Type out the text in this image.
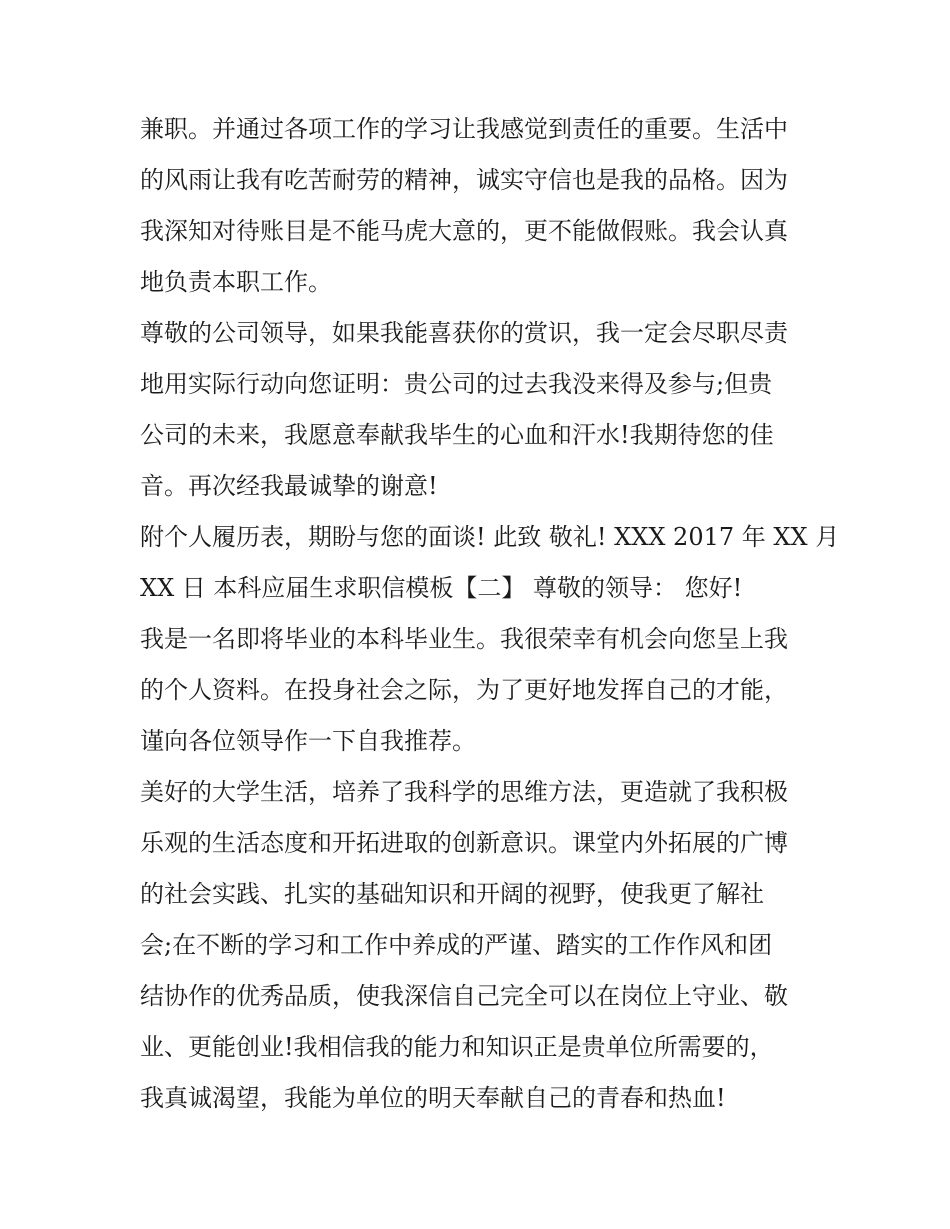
兼职。并通过各项工作的学习让我感觉到责任的重要。生活中
的风雨让我有吃苦耐劳的精神，诚实守信也是我的品格。因为
我深知对待账目是不能马虎大意的，更不能做假账。我会认真
地负责本职工作。
尊敬的公司领导，如果我能喜获你的赏识，我一定会尽职尽责
地用实际行动向您证明：贵公司的过去我没来得及参与;但贵
公司的未来，我愿意奉献我毕生的心血和汗水!我期待您的佳
音。再次经我最诚挚的谢意!
附个人履历表，期盼与您的面谈! 此致 敬礼! XXX 2017 年 XX 月
XX 日 本科应届生求职信模板【二】 尊敬的领导： 您好!
我是一名即将毕业的本科毕业生。我很荣幸有机会向您呈上我
的个人资料。在投身社会之际，为了更好地发挥自己的才能，
谨向各位领导作一下自我推荐。
美好的大学生活，培养了我科学的思维方法，更造就了我积极
乐观的生活态度和开拓进取的创新意识。课堂内外拓展的广博
的社会实践、扎实的基础知识和开阔的视野，使我更了解社
会;在不断的学习和工作中养成的严谨、踏实的工作作风和团
结协作的优秀品质，使我深信自己完全可以在岗位上守业、敬
业、更能创业!我相信我的能力和知识正是贵单位所需要的，
我真诚渴望，我能为单位的明天奉献自己的青春和热血!
